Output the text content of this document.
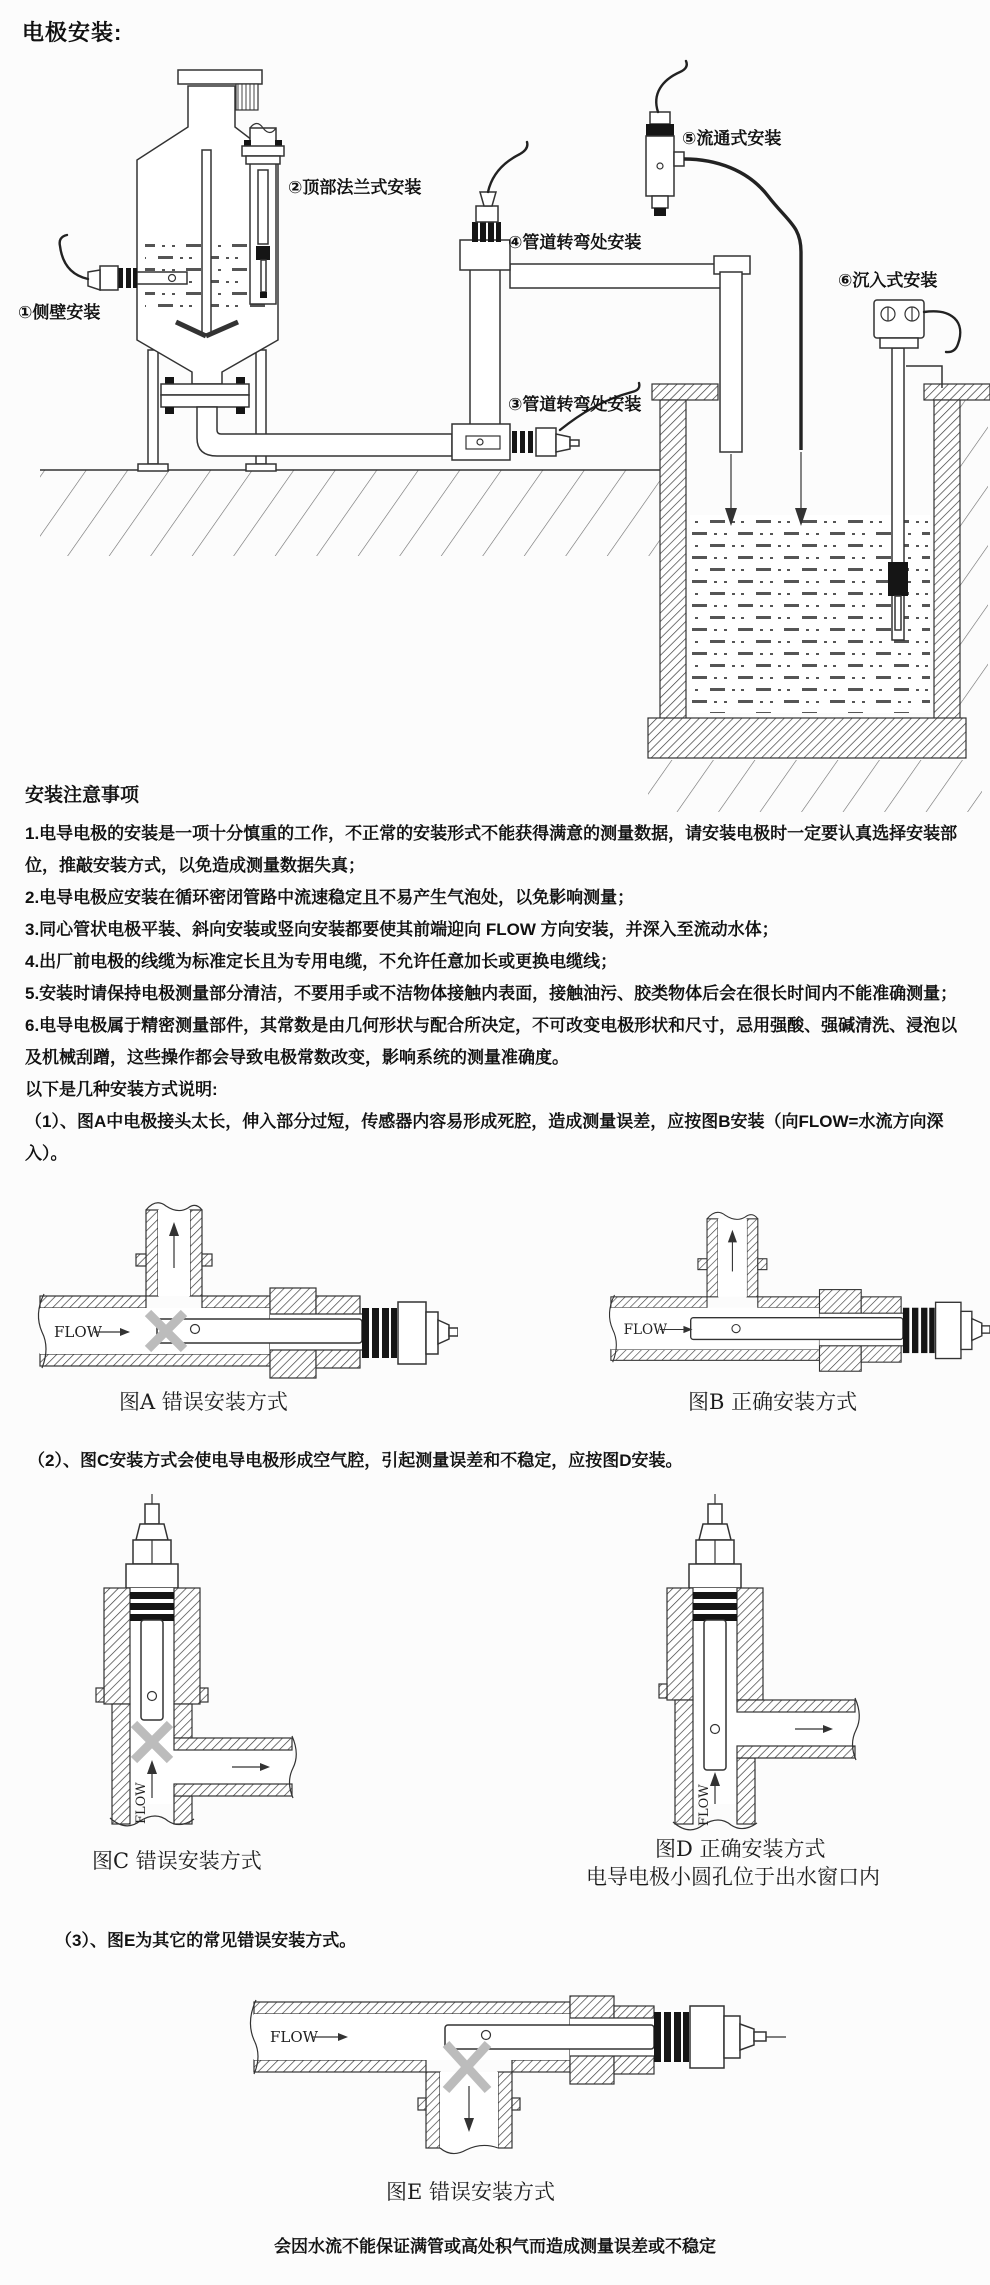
电极安装:
①侧壁安装
②顶部法兰式安装
③管道转弯处安装
④管道转弯处安装
⑤流通式安装
⑥沉入式安装
安装注意事项

1.电导电极的安装是一项十分慎重的工作，不正常的安装形式不能获得满意的测量数据，请安装电极时一定要认真选择安装部位，推敲安装方式，以免造成测量数据失真；

2.电导电极应安装在循环密闭管路中流速稳定且不易产生气泡处，以免影响测量；

3.同心管状电极平装、斜向安装或竖向安装都要使其前端迎向 FLOW 方向安装，并深入至流动水体；

4.出厂前电极的线缆为标准定长且为专用电缆，不允许任意加长或更换电缆线；

5.安装时请保持电极测量部分清洁，不要用手或不洁物体接触内表面，接触油污、胶类物体后会在很长时间内不能准确测量；

6.电导电极属于精密测量部件，其常数是由几何形状与配合所决定，不可改变电极形状和尺寸，忌用强酸、强碱清洗、浸泡以及机械刮蹭，这些操作都会导致电极常数改变，影响系统的测量准确度。

以下是几种安装方式说明:

（1）、图A中电极接头太长，伸入部分过短，传感器内容易形成死腔，造成测量误差，应按图B安装（向FLOW=水流方向深入）。

FLOW	FLOW
图A 错误安装方式	图B 正确安装方式
（2）、图C安装方式会使电导电极形成空气腔，引起测量误差和不稳定，应按图D安装。
FLOW	FLOW
图C 错误安装方式	图D 正确安装方式
电导电极小圆孔位于出水窗口内
（3）、图E为其它的常见错误安装方式。
FLOW
图E 错误安装方式
会因水流不能保证满管或高处积气而造成测量误差或不稳定
